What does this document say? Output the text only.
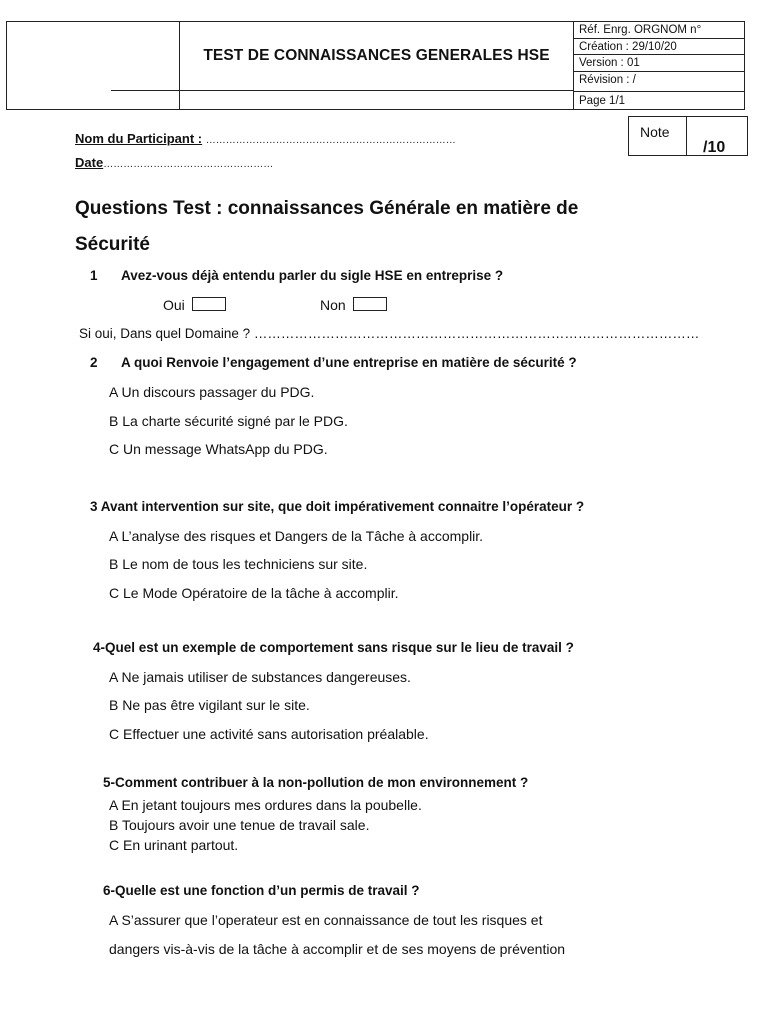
TEST DE CONNAISSANCES GENERALES HSE
Réf. Enrg. ORGNOM n°
Création : 29/10/20
Version : 01
Révision : /
Page 1/1
Note
/10
Nom du Participant : …………………………………………………………………
Date……………………………………………
Questions Test : connaissances Générale en matière de
Sécurité
1 Avez-vous déjà entendu parler du sigle HSE en entreprise ?
Oui	Non
Si oui, Dans quel Domaine ? ………………………………………………………………………………………
2 A quoi Renvoie l’engagement d’une entreprise en matière de sécurité ?
A Un discours passager du PDG.
B La charte sécurité signé par le PDG.
C Un message WhatsApp du PDG.
3 Avant intervention sur site, que doit impérativement connaitre l’opérateur ?
A L’analyse des risques et Dangers de la Tâche à accomplir.
B Le nom de tous les techniciens sur site.
C Le Mode Opératoire de la tâche à accomplir.
4-Quel est un exemple de comportement sans risque sur le lieu de travail ?
A Ne jamais utiliser de substances dangereuses.
B Ne pas être vigilant sur le site.
C Effectuer une activité sans autorisation préalable.
5-Comment contribuer à la non-pollution de mon environnement ?
A En jetant toujours mes ordures dans la poubelle.
B Toujours avoir une tenue de travail sale.
C En urinant partout.
6-Quelle est une fonction d’un permis de travail ?
A S’assurer que l’operateur est en connaissance de tout les risques et
dangers vis-à-vis de la tâche à accomplir et de ses moyens de prévention
